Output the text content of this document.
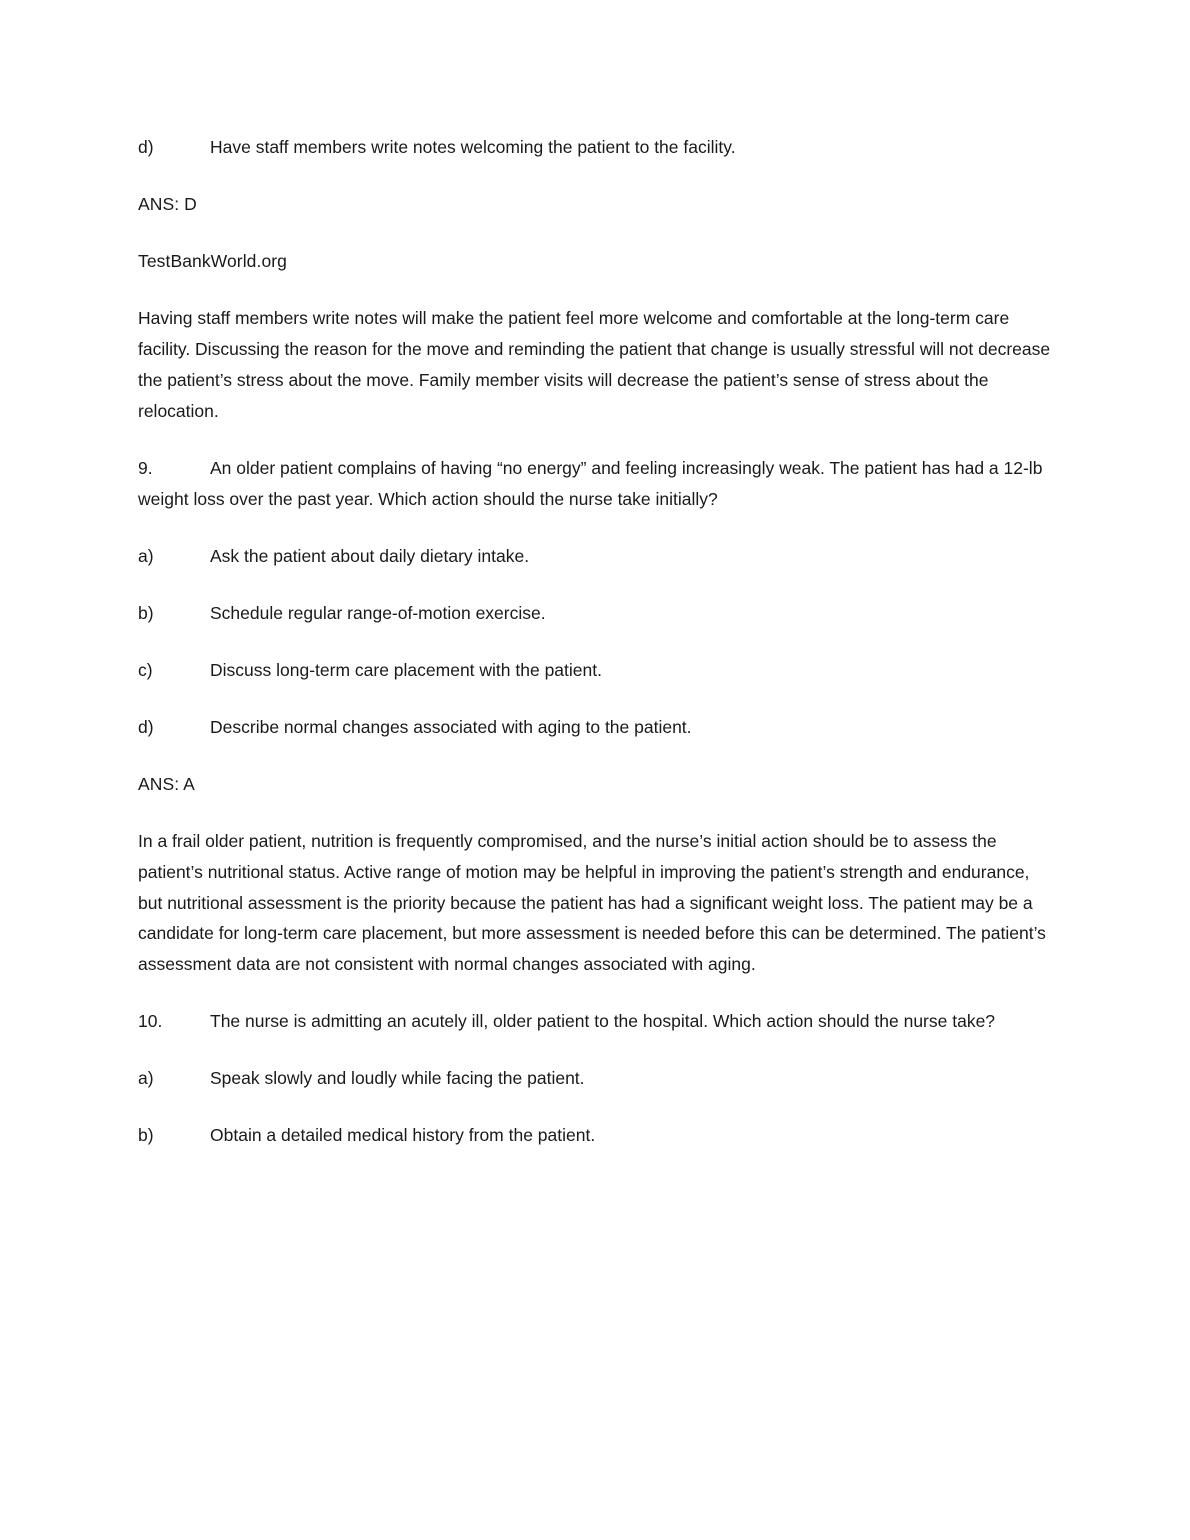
d)	Have staff members write notes welcoming the patient to the facility.
ANS: D
TestBankWorld.org
Having staff members write notes will make the patient feel more welcome and comfortable at the long-term care facility. Discussing the reason for the move and reminding the patient that change is usually stressful will not decrease the patient’s stress about the move. Family member visits will decrease the patient’s sense of stress about the relocation.
9.	An older patient complains of having “no energy” and feeling increasingly weak. The patient has had a 12-lb weight loss over the past year. Which action should the nurse take initially?
a)	Ask the patient about daily dietary intake.
b)	Schedule regular range-of-motion exercise.
c)	Discuss long-term care placement with the patient.
d)	Describe normal changes associated with aging to the patient.
ANS: A
In a frail older patient, nutrition is frequently compromised, and the nurse’s initial action should be to assess the patient’s nutritional status. Active range of motion may be helpful in improving the patient’s strength and endurance, but nutritional assessment is the priority because the patient has had a significant weight loss. The patient may be a candidate for long-term care placement, but more assessment is needed before this can be determined. The patient’s assessment data are not consistent with normal changes associated with aging.
10.	The nurse is admitting an acutely ill, older patient to the hospital. Which action should the nurse take?
a)	Speak slowly and loudly while facing the patient.
b)	Obtain a detailed medical history from the patient.
